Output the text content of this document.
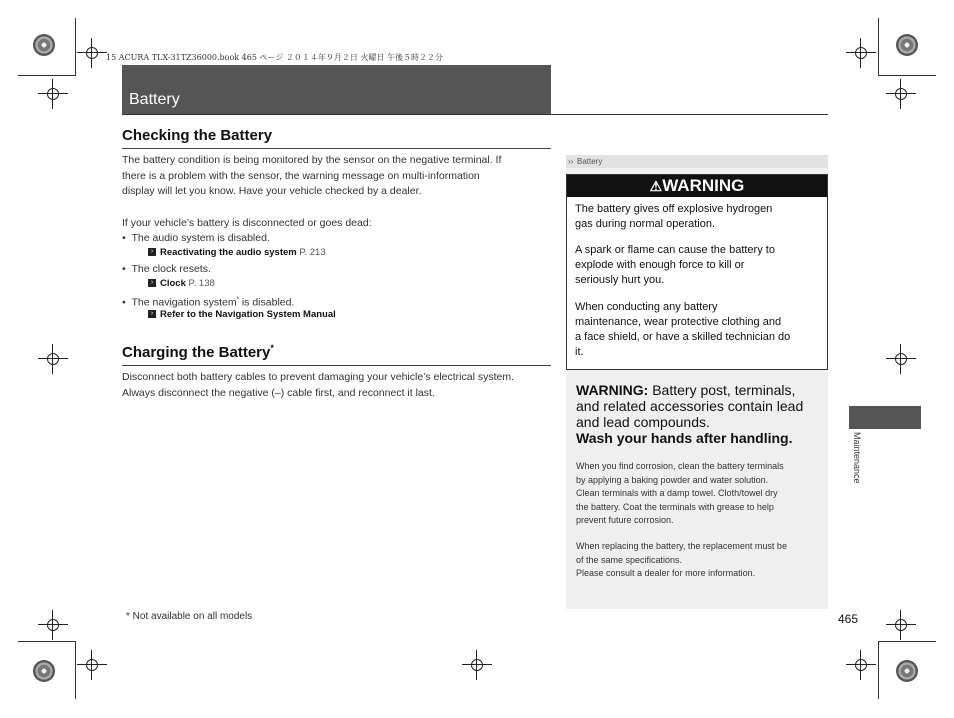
15 ACURA TLX-31TZ36000.book 465 ページ ２０１４年９月２日 火曜日 午後５時２２分
Battery
Checking the Battery
The battery condition is being monitored by the sensor on the negative terminal. If
there is a problem with the sensor, the warning message on multi-information
display will let you know. Have your vehicle checked by a dealer.
If your vehicle’s battery is disconnected or goes dead:
•  The audio system is disabled.
› Reactivating the audio system P. 213
•  The clock resets.
› Clock P. 138
•  The navigation system* is disabled.
› Refer to the Navigation System Manual
Charging the Battery*
Disconnect both battery cables to prevent damaging your vehicle’s electrical system.
Always disconnect the negative (–) cable first, and reconnect it last.
›› Battery
⚠WARNING
The battery gives off explosive hydrogen
gas during normal operation.
A spark or flame can cause the battery to
explode with enough force to kill or
seriously hurt you.
When conducting any battery
maintenance, wear protective clothing and
a face shield, or have a skilled technician do
it.
WARNING: Battery post, terminals,
and related accessories contain lead
and lead compounds.
Wash your hands after handling.
When you find corrosion, clean the battery terminals
by applying a baking powder and water solution.
Clean terminals with a damp towel. Cloth/towel dry
the battery. Coat the terminals with grease to help
prevent future corrosion.
When replacing the battery, the replacement must be
of the same specifications.
Please consult a dealer for more information.
Maintenance
* Not available on all models	465
